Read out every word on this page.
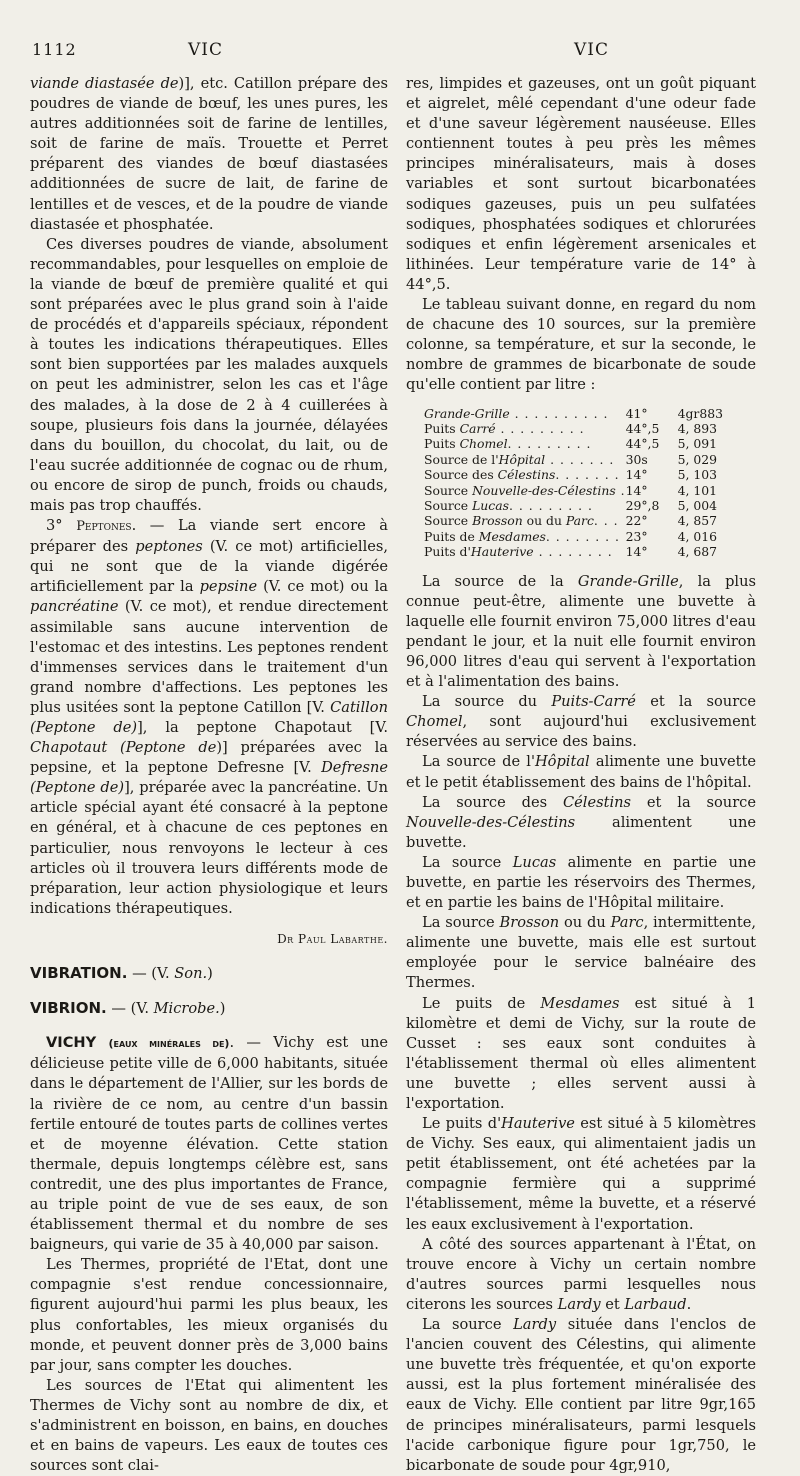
1112	VIC	VIC

viande diastasée de)], etc. Catillon prépare des poudres de viande de bœuf, les unes pures, les autres additionnées soit de farine de lentilles, soit de farine de maïs. Trouette et Perret préparent des viandes de bœuf diastasées additionnées de sucre de lait, de farine de lentilles et de vesces, et de la poudre de viande diastasée et phosphatée.

Ces diverses poudres de viande, absolument recommandables, pour lesquelles on emploie de la viande de bœuf de première qualité et qui sont préparées avec le plus grand soin à l'aide de procédés et d'appareils spéciaux, répondent à toutes les indications thérapeutiques. Elles sont bien supportées par les malades auxquels on peut les administrer, selon les cas et l'âge des malades, à la dose de 2 à 4 cuillerées à soupe, plusieurs fois dans la journée, délayées dans du bouillon, du chocolat, du lait, ou de l'eau sucrée additionnée de cognac ou de rhum, ou encore de sirop de punch, froids ou chauds, mais pas trop chauffés.

3° Peptones. — La viande sert encore à préparer des peptones (V. ce mot) artificielles, qui ne sont que de la viande digérée artificiellement par la pepsine (V. ce mot) ou la pancréatine (V. ce mot), et rendue directement assimilable sans aucune intervention de l'estomac et des intestins. Les peptones rendent d'immenses services dans le traitement d'un grand nombre d'affections. Les peptones les plus usitées sont la peptone Catillon [V. Catillon (Peptone de)], la peptone Chapotaut [V. Chapotaut (Peptone de)] préparées avec la pepsine, et la peptone Defresne [V. Defresne (Peptone de)], préparée avec la pancréatine. Un article spécial ayant été consacré à la peptone en général, et à chacune de ces peptones en particulier, nous renvoyons le lecteur à ces articles où il trouvera leurs différents mode de préparation, leur action physiologique et leurs indications thérapeutiques.

Dr Paul Labarthe.
VIBRATION. — (V. Son.)
VIBRION. — (V. Microbe.)

VICHY (eaux minérales de). — Vichy est une délicieuse petite ville de 6,000 habitants, située dans le département de l'Allier, sur les bords de la rivière de ce nom, au centre d'un bassin fertile entouré de toutes parts de collines vertes et de moyenne élévation. Cette station thermale, depuis longtemps célèbre est, sans contredit, une des plus importantes de France, au triple point de vue de ses eaux, de son établissement thermal et du nombre de ses baigneurs, qui varie de 35 à 40,000 par saison.

Les Thermes, propriété de l'Etat, dont une compagnie s'est rendue concessionnaire, figurent aujourd'hui parmi les plus beaux, les plus confortables, les mieux organisés du monde, et peuvent donner près de 3,000 bains par jour, sans compter les douches.

Les sources de l'Etat qui alimentent les Thermes de Vichy sont au nombre de dix, et s'administrent en boisson, en bains, en douches et en bains de vapeurs. Les eaux de toutes ces sources sont clai-

res, limpides et gazeuses, ont un goût piquant et aigrelet, mêlé cependant d'une odeur fade et d'une saveur légèrement nauséeuse. Elles contiennent toutes à peu près les mêmes principes minéralisateurs, mais à doses variables et sont surtout bicarbonatées sodiques gazeuses, puis un peu sulfatées sodiques, phosphatées sodiques et chlorurées sodiques et enfin légèrement arsenicales et lithinées. Leur température varie de 14° à 44°,5.

Le tableau suivant donne, en regard du nom de chacune des 10 sources, sur la première colonne, sa température, et sur la seconde, le nombre de grammes de bicarbonate de soude qu'elle contient par litre :

Grande-Grille . . . . . . . . . .	41°	4gr883
Puits Carré . . . . . . . . .	44°,5	4, 893
Puits Chomel. . . . . . . . .	44°,5	5, 091
Source de l'Hôpital . . . . . . .	30s	5, 029
Source des Célestins. . . . . . .	14°	5, 103
Source Nouvelle-des-Célestins .	14°	4, 101
Source Lucas. . . . . . . . .	29°,8	5, 004
Source Brosson ou du Parc. . .	22°	4, 857
Puits de Mesdames. . . . . . . .	23°	4, 016
Puits d'Hauterive . . . . . . . .	14°	4, 687

La source de la Grande-Grille, la plus connue peut-être, alimente une buvette à laquelle elle fournit environ 75,000 litres d'eau pendant le jour, et la nuit elle fournit environ 96,000 litres d'eau qui servent à l'exportation et à l'alimentation des bains.

La source du Puits-Carré et la source Chomel, sont aujourd'hui exclusivement réservées au service des bains.

La source de l'Hôpital alimente une buvette et le petit établissement des bains de l'hôpital.

La source des Célestins et la source Nouvelle-des-Célestins alimentent une buvette.

La source Lucas alimente en partie une buvette, en partie les réservoirs des Thermes, et en partie les bains de l'Hôpital militaire.

La source Brosson ou du Parc, intermittente, alimente une buvette, mais elle est surtout employée pour le service balnéaire des Thermes.

Le puits de Mesdames est situé à 1 kilomètre et demi de Vichy, sur la route de Cusset : ses eaux sont conduites à l'établissement thermal où elles alimentent une buvette ; elles servent aussi à l'exportation.

Le puits d'Hauterive est situé à 5 kilomètres de Vichy. Ses eaux, qui alimentaient jadis un petit établissement, ont été achetées par la compagnie fermière qui a supprimé l'établissement, même la buvette, et a réservé les eaux exclusivement à l'exportation.

A côté des sources appartenant à l'État, on trouve encore à Vichy un certain nombre d'autres sources parmi lesquelles nous citerons les sources Lardy et Larbaud.

La source Lardy située dans l'enclos de l'ancien couvent des Célestins, qui alimente une buvette très fréquentée, et qu'on exporte aussi, est la plus fortement minéralisée des eaux de Vichy. Elle contient par litre 9gr,165 de principes minéralisateurs, parmi lesquels l'acide carbonique figure pour 1gr,750, le bicarbonate de soude pour 4gr,910,
